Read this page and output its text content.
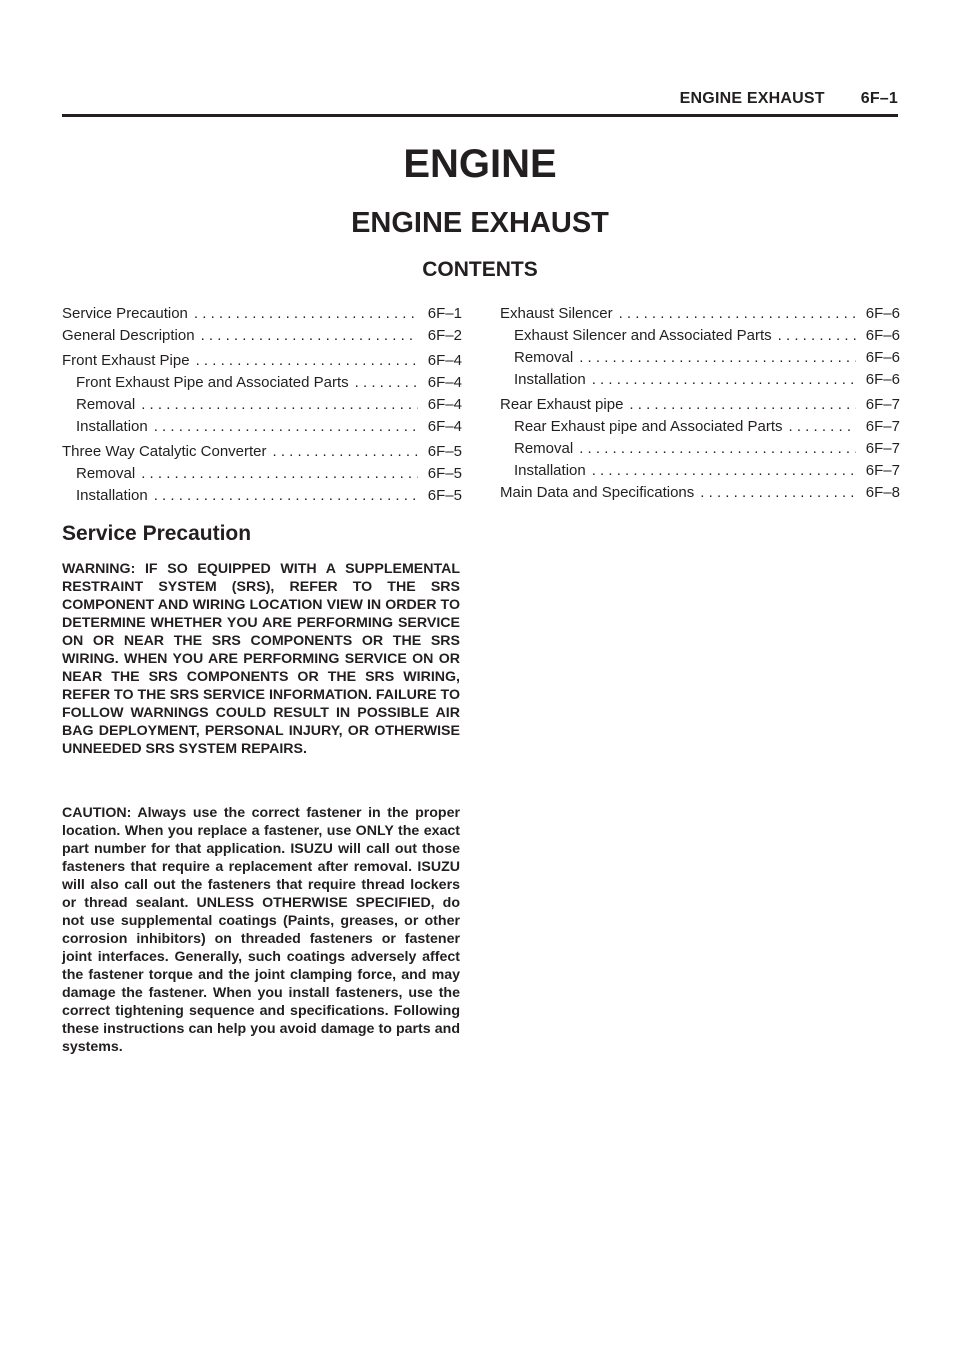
ENGINE EXHAUST 6F–1
ENGINE
ENGINE EXHAUST
CONTENTS
Service Precaution . . .	6F–1
General Description . . .	6F–2
Front Exhaust Pipe . . .	6F–4
Front Exhaust Pipe and Associated Parts . . .	6F–4
Removal . . .	6F–4
Installation . . .	6F–4
Three Way Catalytic Converter . . .	6F–5
Removal . . .	6F–5
Installation . . .	6F–5
Exhaust Silencer . . .	6F–6
Exhaust Silencer and Associated Parts . . .	6F–6
Removal . . .	6F–6
Installation . . .	6F–6
Rear Exhaust pipe . . .	6F–7
Rear Exhaust pipe and Associated Parts . . .	6F–7
Removal . . .	6F–7
Installation . . .	6F–7
Main Data and Specifications . . .	6F–8
Service Precaution
WARNING: IF SO EQUIPPED WITH A SUPPLEMENTAL RESTRAINT SYSTEM (SRS), REFER TO THE SRS COMPONENT AND WIRING LOCATION VIEW IN ORDER TO DETERMINE WHETHER YOU ARE PERFORMING SERVICE ON OR NEAR THE SRS COMPONENTS OR THE SRS WIRING. WHEN YOU ARE PERFORMING SERVICE ON OR NEAR THE SRS COMPONENTS OR THE SRS WIRING, REFER TO THE SRS SERVICE INFORMATION. FAILURE TO FOLLOW WARNINGS COULD RESULT IN POSSIBLE AIR BAG DEPLOYMENT, PERSONAL INJURY, OR OTHERWISE UNNEEDED SRS SYSTEM REPAIRS.
CAUTION: Always use the correct fastener in the proper location. When you replace a fastener, use ONLY the exact part number for that application. ISUZU will call out those fasteners that require a replacement after removal. ISUZU will also call out the fasteners that require thread lockers or thread sealant. UNLESS OTHERWISE SPECIFIED, do not use supplemental coatings (Paints, greases, or other corrosion inhibitors) on threaded fasteners or fastener joint interfaces. Generally, such coatings adversely affect the fastener torque and the joint clamping force, and may damage the fastener. When you install fasteners, use the correct tightening sequence and specifications. Following these instructions can help you avoid damage to parts and systems.
